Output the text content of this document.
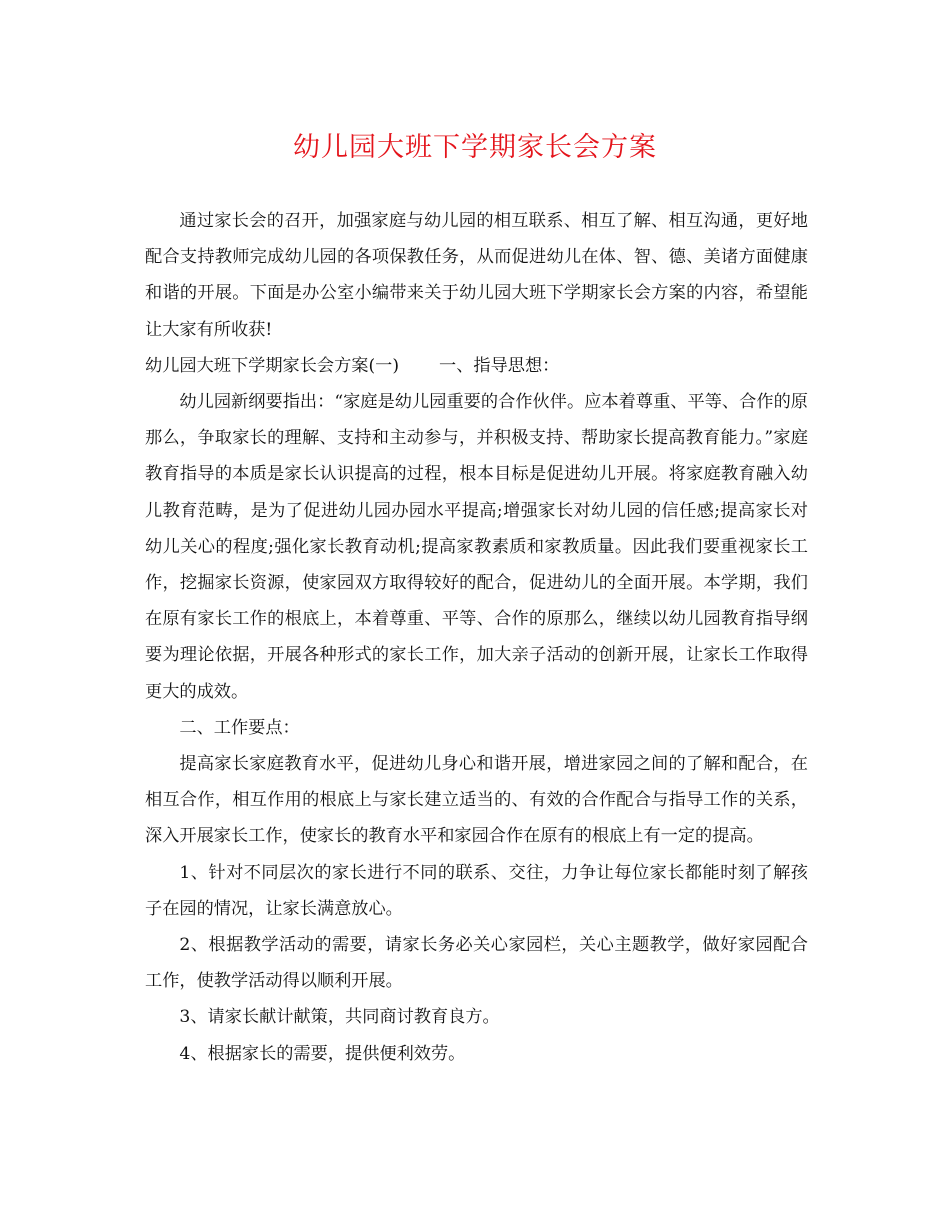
幼儿园大班下学期家长会方案

通过家长会的召开，加强家庭与幼儿园的相互联系、相互了解、相互沟通，更好地配合支持教师完成幼儿园的各项保教任务，从而促进幼儿在体、智、德、美诸方面健康和谐的开展。下面是办公室小编带来关于幼儿园大班下学期家长会方案的内容，希望能让大家有所收获!

幼儿园大班下学期家长会方案(一) 一、指导思想：

幼儿园新纲要指出：“家庭是幼儿园重要的合作伙伴。应本着尊重、平等、合作的原那么，争取家长的理解、支持和主动参与，并积极支持、帮助家长提高教育能力。”家庭教育指导的本质是家长认识提高的过程，根本目标是促进幼儿开展。将家庭教育融入幼儿教育范畴，是为了促进幼儿园办园水平提高;增强家长对幼儿园的信任感;提高家长对幼儿关心的程度;强化家长教育动机;提高家教素质和家教质量。因此我们要重视家长工作，挖掘家长资源，使家园双方取得较好的配合，促进幼儿的全面开展。本学期，我们在原有家长工作的根底上，本着尊重、平等、合作的原那么，继续以幼儿园教育指导纲要为理论依据，开展各种形式的家长工作，加大亲子活动的创新开展，让家长工作取得更大的成效。

二、工作要点：

提高家长家庭教育水平，促进幼儿身心和谐开展，增进家园之间的了解和配合，在相互合作，相互作用的根底上与家长建立适当的、有效的合作配合与指导工作的关系，深入开展家长工作，使家长的教育水平和家园合作在原有的根底上有一定的提高。

1、针对不同层次的家长进行不同的联系、交往，力争让每位家长都能时刻了解孩子在园的情况，让家长满意放心。

2、根据教学活动的需要，请家长务必关心家园栏，关心主题教学，做好家园配合工作，使教学活动得以顺利开展。

3、请家长献计献策，共同商讨教育良方。

4、根据家长的需要，提供便利效劳。
